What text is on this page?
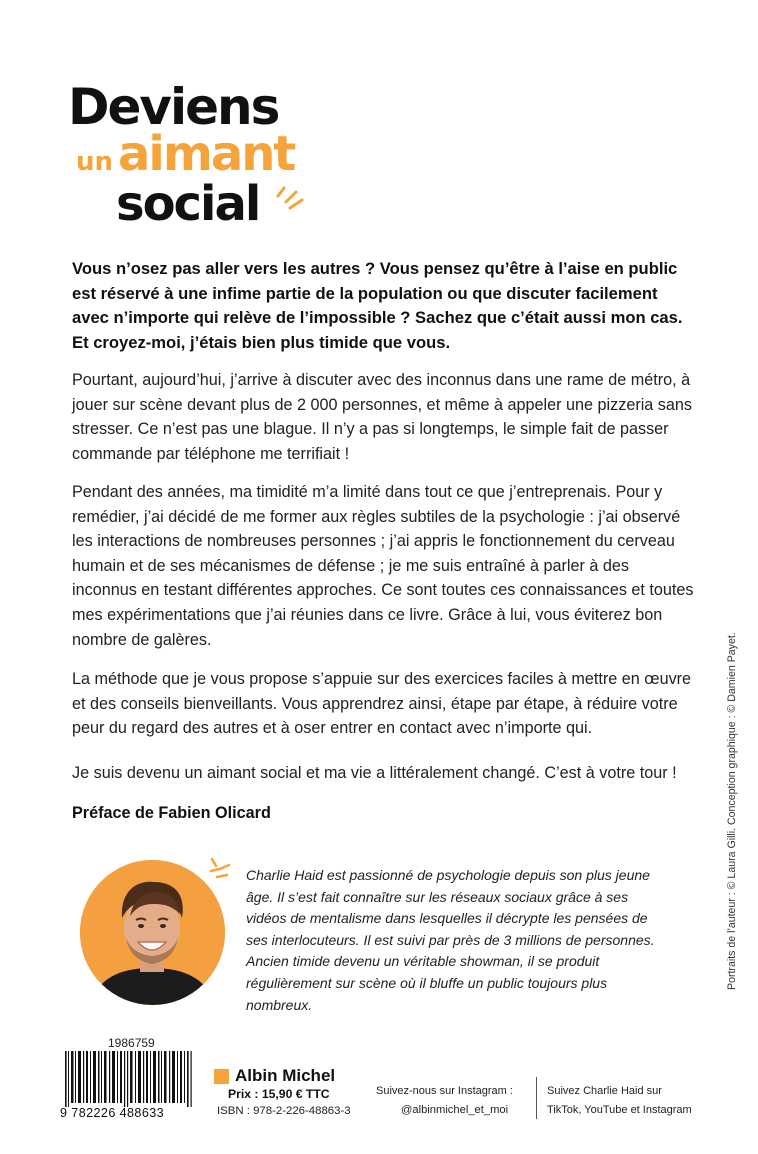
Deviens
un aimant
social

Vous n’osez pas aller vers les autres ? Vous pensez qu’être à l’aise en public est réservé à une infime partie de la population ou que discuter facilement avec n’importe qui relève de l’impossible ? Sachez que c’était aussi mon cas. Et croyez-moi, j’étais bien plus timide que vous.

Pourtant, aujourd’hui, j’arrive à discuter avec des inconnus dans une rame de métro, à jouer sur scène devant plus de 2 000 personnes, et même à appeler une pizzeria sans stresser. Ce n’est pas une blague. Il n’y a pas si longtemps, le simple fait de passer commande par téléphone me terrifiait !

Pendant des années, ma timidité m’a limité dans tout ce que j’entreprenais. Pour y remédier, j’ai décidé de me former aux règles subtiles de la psychologie : j’ai observé les interactions de nombreuses personnes ; j’ai appris le fonctionnement du cerveau humain et de ses mécanismes de défense ; je me suis entraîné à parler à des inconnus en testant différentes approches. Ce sont toutes ces connaissances et toutes mes expérimentations que j’ai réunies dans ce livre. Grâce à lui, vous éviterez bon nombre de galères.

La méthode que je vous propose s’appuie sur des exercices faciles à mettre en œuvre et des conseils bienveillants. Vous apprendrez ainsi, étape par étape, à réduire votre peur du regard des autres et à oser entrer en contact avec n’importe qui.

Je suis devenu un aimant social et ma vie a littéralement changé. C’est à votre tour !

Préface de Fabien Olicard

Charlie Haid est passionné de psychologie depuis son plus jeune âge. Il s’est fait connaître sur les réseaux sociaux grâce à ses vidéos de mentalisme dans lesquelles il décrypte les pensées de ses interlocuteurs. Il est suivi par près de 3 millions de personnes. Ancien timide devenu un véritable showman, il se produit régulièrement sur scène où il bluffe un public toujours plus nombreux.

Portraits de l’auteur : © Laura Gilli. Conception graphique : © Damien Payet.
1986759
9 782226 488633
Albin Michel
Prix : 15,90 € TTC
ISBN : 978-2-226-48863-3
Suivez-nous sur Instagram :
@albinmichel_et_moi
Suivez Charlie Haid sur
TikTok, YouTube et Instagram
